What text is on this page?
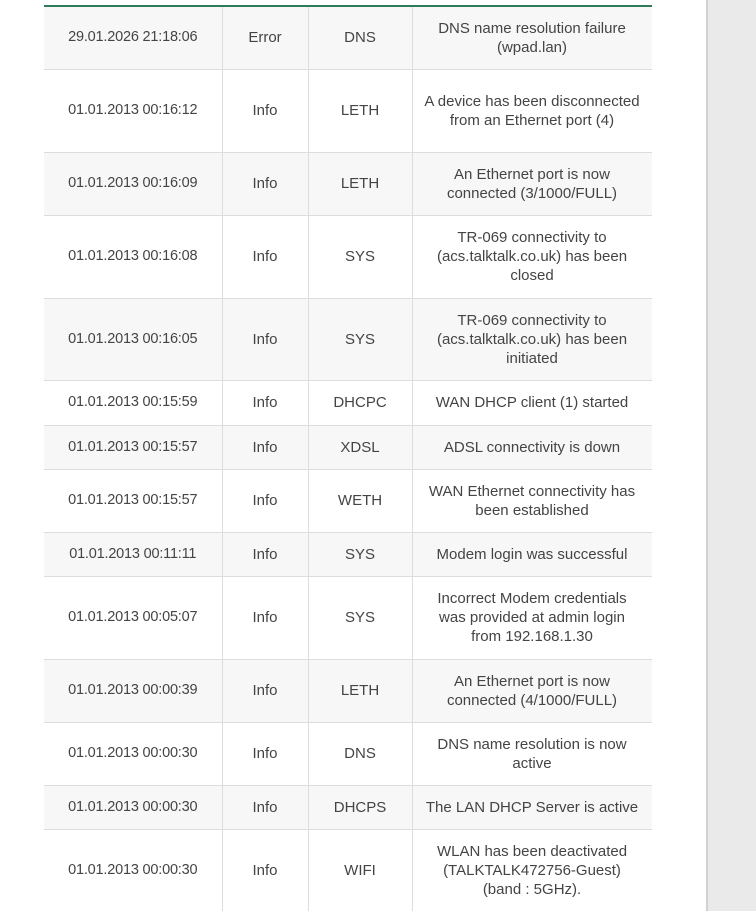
29.01.2026 21:18:06	Error	DNS	DNS name resolution failure (wpad.lan)
01.01.2013 00:16:12	Info	LETH	A device has been disconnected from an Ethernet port (4)
01.01.2013 00:16:09	Info	LETH	An Ethernet port is now connected (3/1000/FULL)
01.01.2013 00:16:08	Info	SYS	TR-069 connectivity to (acs.talktalk.co.uk) has been closed
01.01.2013 00:16:05	Info	SYS	TR-069 connectivity to (acs.talktalk.co.uk) has been initiated
01.01.2013 00:15:59	Info	DHCPC	WAN DHCP client (1) started
01.01.2013 00:15:57	Info	XDSL	ADSL connectivity is down
01.01.2013 00:15:57	Info	WETH	WAN Ethernet connectivity has been established
01.01.2013 00:11:11	Info	SYS	Modem login was successful
01.01.2013 00:05:07	Info	SYS	Incorrect Modem credentials was provided at admin login from 192.168.1.30
01.01.2013 00:00:39	Info	LETH	An Ethernet port is now connected (4/1000/FULL)
01.01.2013 00:00:30	Info	DNS	DNS name resolution is now active
01.01.2013 00:00:30	Info	DHCPS	The LAN DHCP Server is active
01.01.2013 00:00:30	Info	WIFI	WLAN has been deactivated (TALKTALK472756-Guest) (band : 5GHz).
